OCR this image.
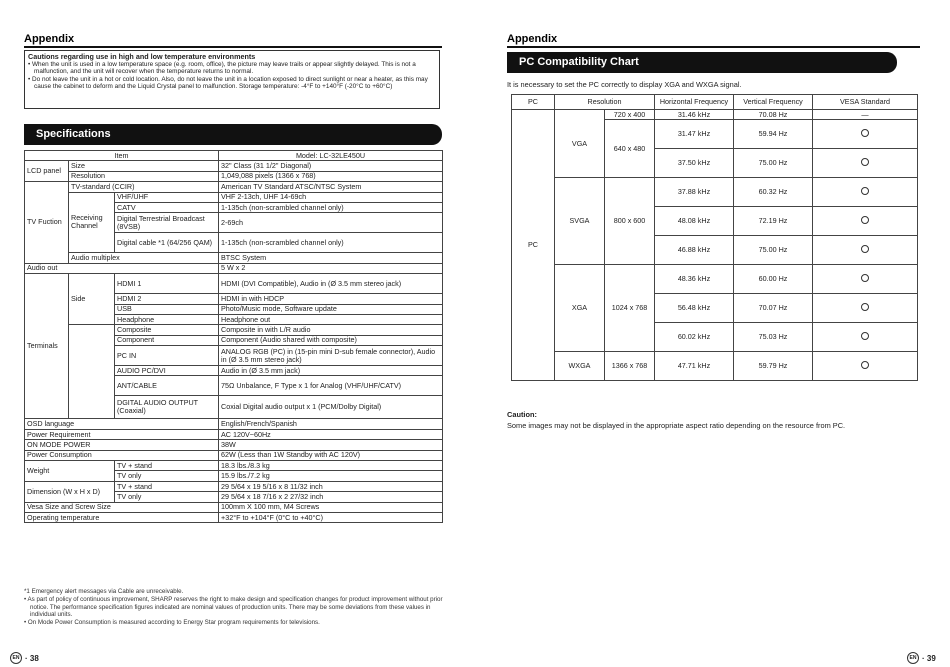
Appendix
Cautions regarding use in high and low temperature environments
• When the unit is used in a low temperature space (e.g. room, office), the picture may leave trails or appear slightly delayed. This is not a malfunction, and the unit will recover when the temperature returns to normal.
• Do not leave the unit in a hot or cold location. Also, do not leave the unit in a location exposed to direct sunlight or near a heater, as this may cause the cabinet to deform and the Liquid Crystal panel to malfunction. Storage temperature: -4°F to +140°F (-20°C to +60°C)
Specifications
Item			Model: LC-32LE450U
LCD panel	Size		32" Class (31 1/2" Diagonal)
	Resolution		1,049,088 pixels (1366 x 768)
TV Fuction	TV-standard (CCIR)		American TV Standard ATSC/NTSC System
	Receiving Channel	VHF/UHF	VHF 2-13ch, UHF 14-69ch
		CATV	1-135ch (non-scrambled channel only)
		Digital Terrestrial Broadcast (8VSB)	2-69ch

		Digital cable *1 (64/256 QAM)	1-135ch (non-scrambled channel only)
	Audio multiplex		BTSC System
Audio out			5 W x 2
Terminals	Side	HDMI 1	HDMI (DVI Compatible), Audio in (Ø 3.5 mm stereo jack)
		HDMI 2	HDMI in with HDCP
		USB	Photo/Music mode, Software update
		Headphone	Headphone out
		Composite	Composite in with L/R audio
		Component	Component (Audio shared with composite)
		PC IN	ANALOG RGB (PC) in (15-pin mini D-sub female connector), Audio in (Ø 3.5 mm stereo jack)
		AUDIO PC/DVI	Audio in (Ø 3.5 mm jack)
		ANT/CABLE	75Ω Unbalance, F Type x 1 for Analog (VHF/UHF/CATV)
		DGITAL AUDIO OUTPUT (Coaxial)	Coxial Digital audio output x 1 (PCM/Dolby Digital)

OSD language			English/French/Spanish
Power Requirement			AC 120V~60Hz
ON MODE POWER			38W
Power Consumption			62W (Less than 1W Standby with AC 120V)
Weight		TV + stand	18.3 lbs./8.3 kg
		TV only	15.9 lbs./7.2 kg
Dimension (W x H x D)		TV + stand	29 5/64 x 19 5/16 x 8 11/32 inch
		TV only	29 5/64 x 18 7/16 x 2 27/32 inch
Vesa Size and Screw Size			100mm X 100 mm, M4 Screws
Operating temperature			+32°F to +104°F (0°C to +40°C)
*1 Emergency alert messages via Cable are unreceivable.
• As part of policy of continuous improvement, SHARP reserves the right to make design and specification changes for product improvement without prior notice. The performance specification figures indicated are nominal values of production units. There may be some deviations from these values in individual units.
• On Mode Power Consumption is measured according to Energy Star program requirements for televisions.
EN · 38
Appendix
PC Compatibility Chart
It is necessary to set the PC correctly to display XGA and WXGA signal.
PC	Resolution		Horizontal Frequency	Vertical Frequency	VESA Standard
PC	VGA	720 x 400	31.46 kHz	70.08 Hz	—
		640 x 480	31.47 kHz	59.94 Hz	
			37.50 kHz	75.00 Hz	
	SVGA	800 x 600	37.88 kHz	60.32 Hz	
			48.08 kHz	72.19 Hz	
			46.88 kHz	75.00 Hz	
	XGA	1024 x 768	48.36 kHz	60.00 Hz	
			56.48 kHz	70.07 Hz	
			60.02 kHz	75.03 Hz	
	WXGA	1366 x 768	47.71 kHz	59.79 Hz	
Caution:
Some images may not be displayed in the appropriate aspect ratio depending on the resource from PC.
EN · 39
